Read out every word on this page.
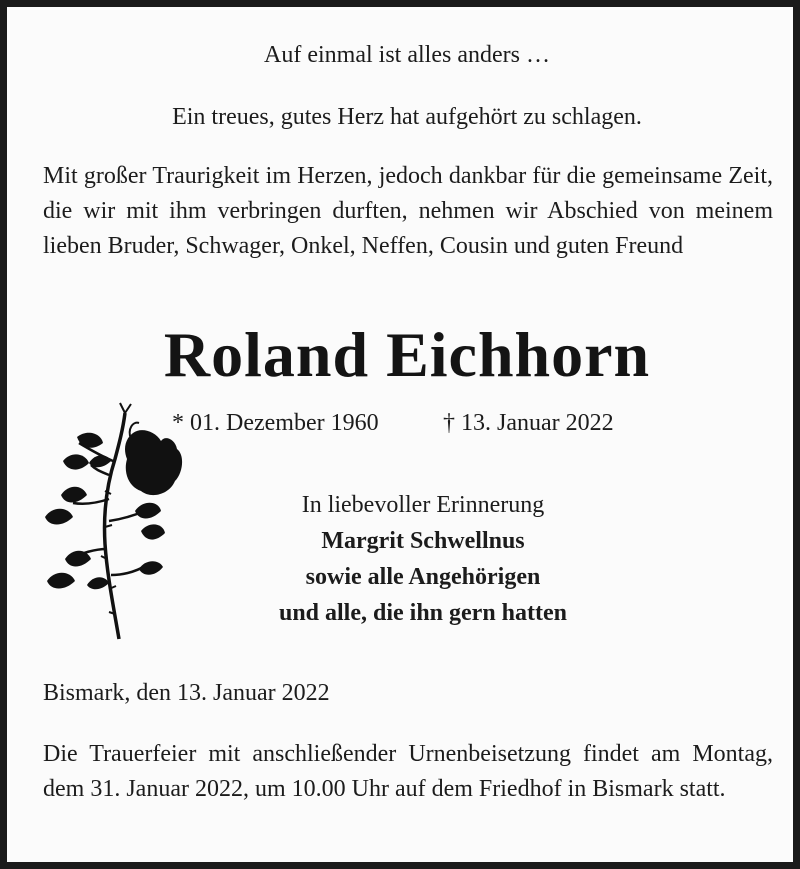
Auf einmal ist alles anders …
Ein treues, gutes Herz hat aufgehört zu schlagen.

Mit großer Traurigkeit im Herzen, jedoch dankbar für die gemeinsame Zeit, die wir mit ihm verbringen durften, nehmen wir Abschied von meinem lieben Bruder, Schwager, Onkel, Neffen, Cousin und guten Freund

Roland Eichhorn
* 01. Dezember 1960	† 13. Januar 2022
In liebevoller Erinnerung
Margrit Schwellnus
sowie alle Angehörigen
und alle, die ihn gern hatten
Bismark, den 13. Januar 2022

Die Trauerfeier mit anschließender Urnenbeisetzung findet am Montag, dem 31. Januar 2022, um 10.00 Uhr auf dem Friedhof in Bismark statt.
